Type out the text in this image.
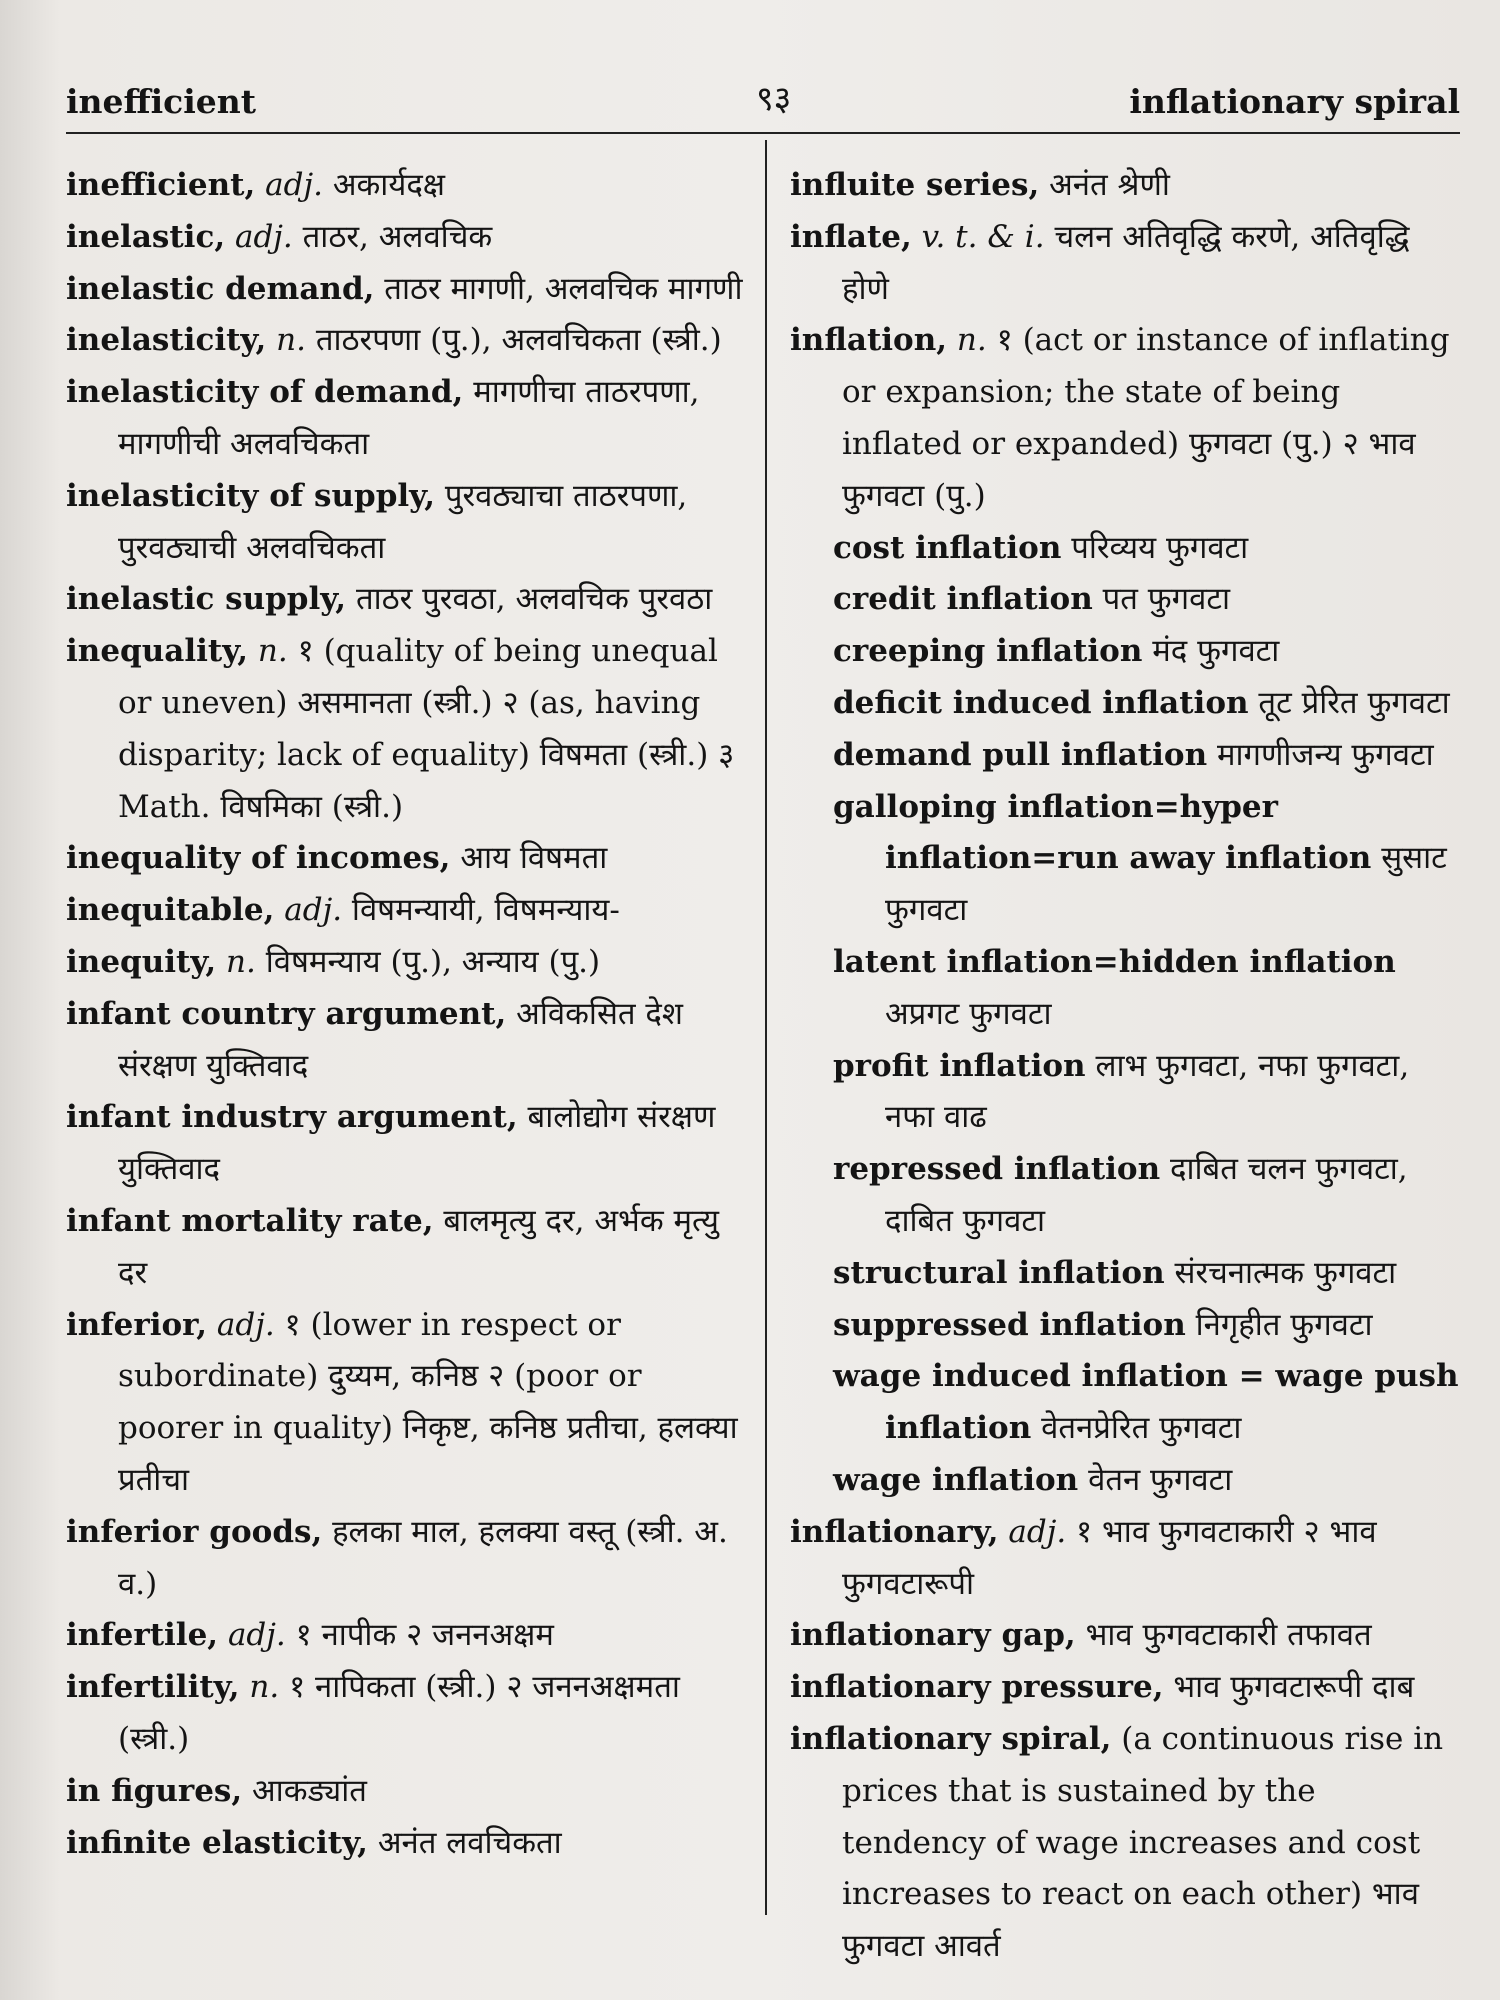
inefficient	९३	inflationary spiral
inefficient, adj. अकार्यदक्ष
inelastic, adj. ताठर, अलवचिक
inelastic demand, ताठर मागणी, अलवचिक मागणी
inelasticity, n. ताठरपणा (पु.), अलवचिकता (स्त्री.)
inelasticity of demand, मागणीचा ताठरपणा, मागणीची अलवचिकता
inelasticity of supply, पुरवठ्याचा ताठरपणा, पुरवठ्याची अलवचिकता
inelastic supply, ताठर पुरवठा, अलवचिक पुरवठा
inequality, n. १ (quality of being unequal or uneven) असमानता (स्त्री.) २ (as, having disparity; lack of equality) विषमता (स्त्री.) ३ Math. विषमिका (स्त्री.)
inequality of incomes, आय विषमता
inequitable, adj. विषमन्यायी, विषमन्याय-
inequity, n. विषमन्याय (पु.), अन्याय (पु.)
infant country argument, अविकसित देश संरक्षण युक्तिवाद
infant industry argument, बालोद्योग संरक्षण युक्तिवाद
infant mortality rate, बालमृत्यु दर, अर्भक मृत्यु दर
inferior, adj. १ (lower in respect or subordinate) दुय्यम, कनिष्ठ २ (poor or poorer in quality) निकृष्ट, कनिष्ठ प्रतीचा, हलक्या प्रतीचा
inferior goods, हलका माल, हलक्या वस्तू (स्त्री. अ. व.)
infertile, adj. १ नापीक २ जननअक्षम
infertility, n. १ नापिकता (स्त्री.) २ जननअक्षमता (स्त्री.)
in figures, आकड्यांत
infinite elasticity, अनंत लवचिकता
influite series, अनंत श्रेणी
inflate, v. t. & i. चलन अतिवृद्धि करणे, अतिवृद्धि होणे
inflation, n. १ (act or instance of inflating or expansion; the state of being inflated or expanded) फुगवटा (पु.) २ भाव फुगवटा (पु.)
cost inflation परिव्यय फुगवटा
credit inflation पत फुगवटा
creeping inflation मंद फुगवटा
deficit induced inflation तूट प्रेरित फुगवटा
demand pull inflation मागणीजन्य फुगवटा
galloping inflation=hyper inflation=run away inflation सुसाट फुगवटा
latent inflation=hidden inflation अप्रगट फुगवटा
profit inflation लाभ फुगवटा, नफा फुगवटा, नफा वाढ
repressed inflation दाबित चलन फुगवटा, दाबित फुगवटा
structural inflation संरचनात्मक फुगवटा
suppressed inflation निगृहीत फुगवटा
wage induced inflation = wage push inflation वेतनप्रेरित फुगवटा
wage inflation वेतन फुगवटा
inflationary, adj. १ भाव फुगवटाकारी २ भाव फुगवटारूपी
inflationary gap, भाव फुगवटाकारी तफावत
inflationary pressure, भाव फुगवटारूपी दाब
inflationary spiral, (a continuous rise in prices that is sustained by the tendency of wage increases and cost increases to react on each other) भाव फुगवटा आवर्त
